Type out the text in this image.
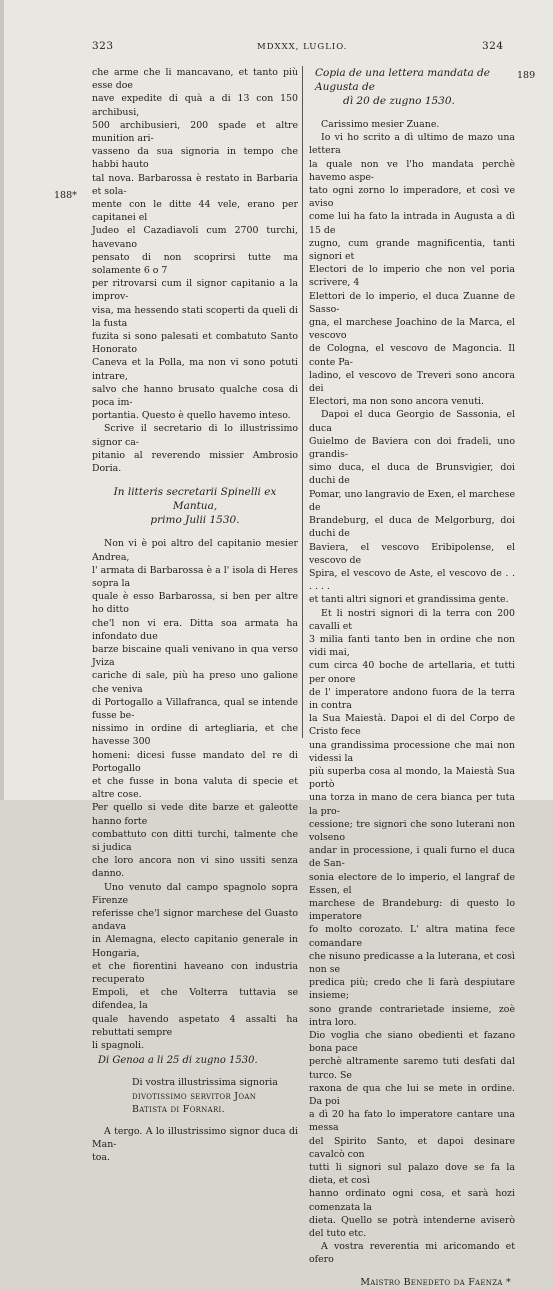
323	MDXXX, LUGLIO.	324
188*
189

che arme che li mancavano, et tanto più esse doe
nave expedite di quà a di 13 con 150 archibusi,
500 archibusieri, 200 spade et altre munition ari-
vasseno da sua signoria in tempo che habbi hauto
tal nova. Barbarossa è restato in Barbaria et sola-
mente con le ditte 44 vele, erano per capitanei el
Judeo el Cazadiavoli cum 2700 turchi, havevano
pensato di non scoprirsi tutte ma solamente 6 o 7
per ritrovarsi cum il signor capitanio a la improv-
visa, ma hessendo stati scoperti da queli di la fusta
fuzita si sono palesati et combatuto Santo Honorato
Caneva et la Polla, ma non vi sono potuti intrare,
salvo che hanno brusato qualche cosa di poca im-
portantia. Questo è quello havemo inteso.

Scrive il secretario di lo illustrissimo signor ca-
pitanio al reverendo missier Ambrosio Doria.

In litteris secretarii Spinelli ex Mantua,
primo Julii 1530.

Non vi è poi altro del capitanio mesier Andrea,
l' armata di Barbarossa è a l' isola di Heres sopra la
quale è esso Barbarossa, si ben per altre ho ditto
che'l non vi era. Ditta soa armata ha infondato due
barze biscaine quali venivano in qua verso Jviza
cariche di sale, più ha preso uno galione che veniva
di Portogallo a Villafranca, qual se intende fusse be-
nissimo in ordine di artegliaria, et che havesse 300
homeni: dicesi fusse mandato del re di Portogallo
et che fusse in bona valuta di specie et altre cose.
Per quello si vede dite barze et galeotte hanno forte
combattuto con ditti turchi, talmente che si judica
che loro ancora non vi sino ussiti senza danno.

Uno venuto dal campo spagnolo sopra Firenze
referisse che'l signor marchese del Guasto andava
in Alemagna, electo capitanio generale in Hongaria,
et che fiorentini haveano con industria recuperato
Empoli, et che Volterra tuttavia se difendea, la
quale havendo aspetato 4 assalti ha rebuttati sempre
li spagnoli.

Di Genoa a li 25 di zugno 1530.

Di vostra illustrissima signoria
divotissimo servitor Joan
Batista di Fornari.

A tergo. A lo illustrissimo signor duca di Man-
toa.

Copia de una lettera mandata de Augusta de
dì 20 de zugno 1530.

Carissimo mesier Zuane.

Io vi ho scrito a dì ultimo de mazo una lettera
la quale non ve l'ho mandata perchè havemo aspe-
tato ogni zorno lo imperadore, et così ve aviso
come lui ha fato la intrada in Augusta a dì 15 de
zugno, cum grande magnificentia, tanti signori et
Electori de lo imperio che non vel poria scrivere, 4
Elettori de lo imperio, el duca Zuanne de Sasso-
gna, el marchese Joachino de la Marca, el vescovo
de Cologna, el vescovo de Magoncia. Il conte Pa-
ladino, el vescovo de Treveri sono ancora dei
Electori, ma non sono ancora venuti.

Dapoi el duca Georgio de Sassonia, el duca
Guielmo de Baviera con doi fradeli, uno grandis-
simo duca, el duca de Brunsvigier, doi duchi de
Pomar, uno langravio de Exen, el marchese de
Brandeburg, el duca de Melgorburg, doi duchi de
Baviera, el vescovo Eribipolense, el vescovo de
Spira, el vescovo de Aste, el vescovo de . . . . . .
et tanti altri signori et grandissima gente.

Et li nostri signori di la terra con 200 cavalli et
3 milia fanti tanto ben in ordine che non vidi mai,
cum circa 40 boche de artellaria, et tutti per onore
de l' imperatore andono fuora de la terra in contra
la Sua Maiestà. Dapoi el di del Corpo de Cristo fece
una grandissima processione che mai non videssi la
più superba cosa al mondo, la Maiestà Sua portò
una torza in mano de cera bianca per tuta la pro-
cessione; tre signori che sono luterani non volseno
andar in processione, i quali furno el duca de San-
sonia electore de lo imperio, el langraf de Essen, el
marchese de Brandeburg: di questo lo imperatore
fo molto corozato. L' altra matina fece comandare
che nisuno predicasse a la luterana, et così non se
predica più; credo che li farà despiutare insieme;
sono grande contrarietade insieme, zoè intra loro.
Dio voglia che siano obedienti et fazano bona pace
perchè altramente saremo tuti desfati dal turco. Se
raxona de qua che lui se mete in ordine. Da poi
a dì 20 ha fato lo imperatore cantare una messa
del Spirito Santo, et dapoi desinare cavalcò con
tutti li signori sul palazo dove se fa la dieta, et così
hanno ordinato ogni cosa, et sarà hozi comenzata la
dieta. Quello se potrà intenderne aviserò del tuto etc.

A vostra reverentia mi aricomando et ofero

Maistro Benedeto da Faenza *
